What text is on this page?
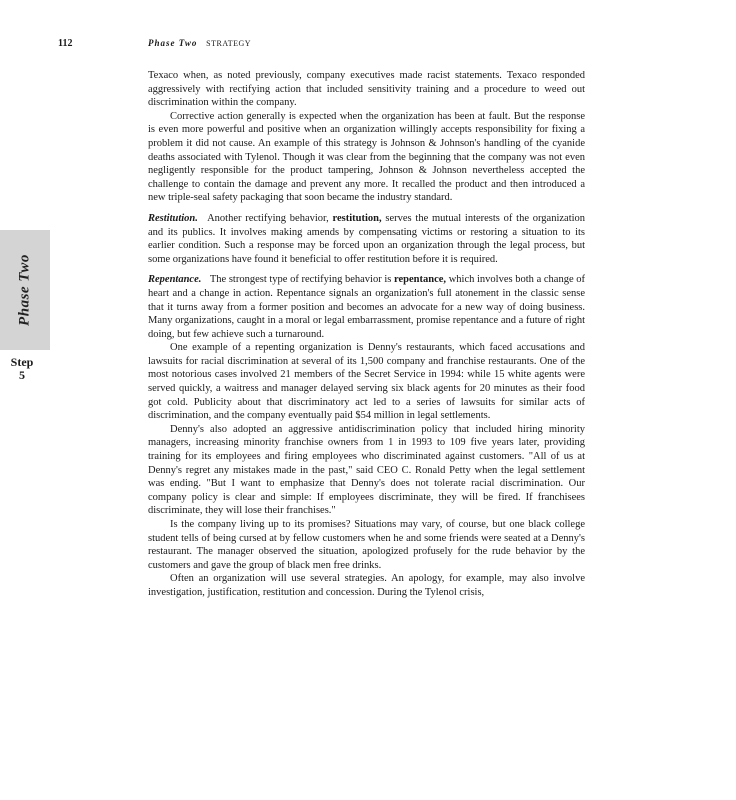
112	Phase Two STRATEGY
Phase Two
Step
5

Texaco when, as noted previously, company executives made racist statements. Texaco responded aggressively with rectifying action that included sensitivity training and a procedure to weed out discrimination within the company.

Corrective action generally is expected when the organization has been at fault. But the response is even more powerful and positive when an organization willingly accepts responsibility for fixing a problem it did not cause. An example of this strategy is Johnson & Johnson's handling of the cyanide deaths associated with Tylenol. Though it was clear from the beginning that the company was not even negligently responsible for the product tampering, Johnson & Johnson nevertheless accepted the challenge to contain the damage and prevent any more. It recalled the product and then introduced a new triple-seal safety packaging that soon became the industry standard.

Restitution. Another rectifying behavior, restitution, serves the mutual interests of the organization and its publics. It involves making amends by compensating victims or restoring a situation to its earlier condition. Such a response may be forced upon an organization through the legal process, but some organizations have found it beneficial to offer restitution before it is required.

Repentance. The strongest type of rectifying behavior is repentance, which involves both a change of heart and a change in action. Repentance signals an organization's full atonement in the classic sense that it turns away from a former position and becomes an advocate for a new way of doing business. Many organizations, caught in a moral or legal embarrassment, promise repentance and a future of right doing, but few achieve such a turnaround.

One example of a repenting organization is Denny's restaurants, which faced accusations and lawsuits for racial discrimination at several of its 1,500 company and franchise restaurants. One of the most notorious cases involved 21 members of the Secret Service in 1994: while 15 white agents were served quickly, a waitress and manager delayed serving six black agents for 20 minutes as their food got cold. Publicity about that discriminatory act led to a series of lawsuits for similar acts of discrimination, and the company eventually paid $54 million in legal settlements.

Denny's also adopted an aggressive antidiscrimination policy that included hiring minority managers, increasing minority franchise owners from 1 in 1993 to 109 five years later, providing training for its employees and firing employees who discriminated against customers. "All of us at Denny's regret any mistakes made in the past," said CEO C. Ronald Petty when the legal settlement was ending. "But I want to emphasize that Denny's does not tolerate racial discrimination. Our company policy is clear and simple: If employees discriminate, they will be fired. If franchisees discriminate, they will lose their franchises."

Is the company living up to its promises? Situations may vary, of course, but one black college student tells of being cursed at by fellow customers when he and some friends were seated at a Denny's restaurant. The manager observed the situation, apologized profusely for the rude behavior by the customers and gave the group of black men free drinks.

Often an organization will use several strategies. An apology, for example, may also involve investigation, justification, restitution and concession. During the Tylenol crisis,
